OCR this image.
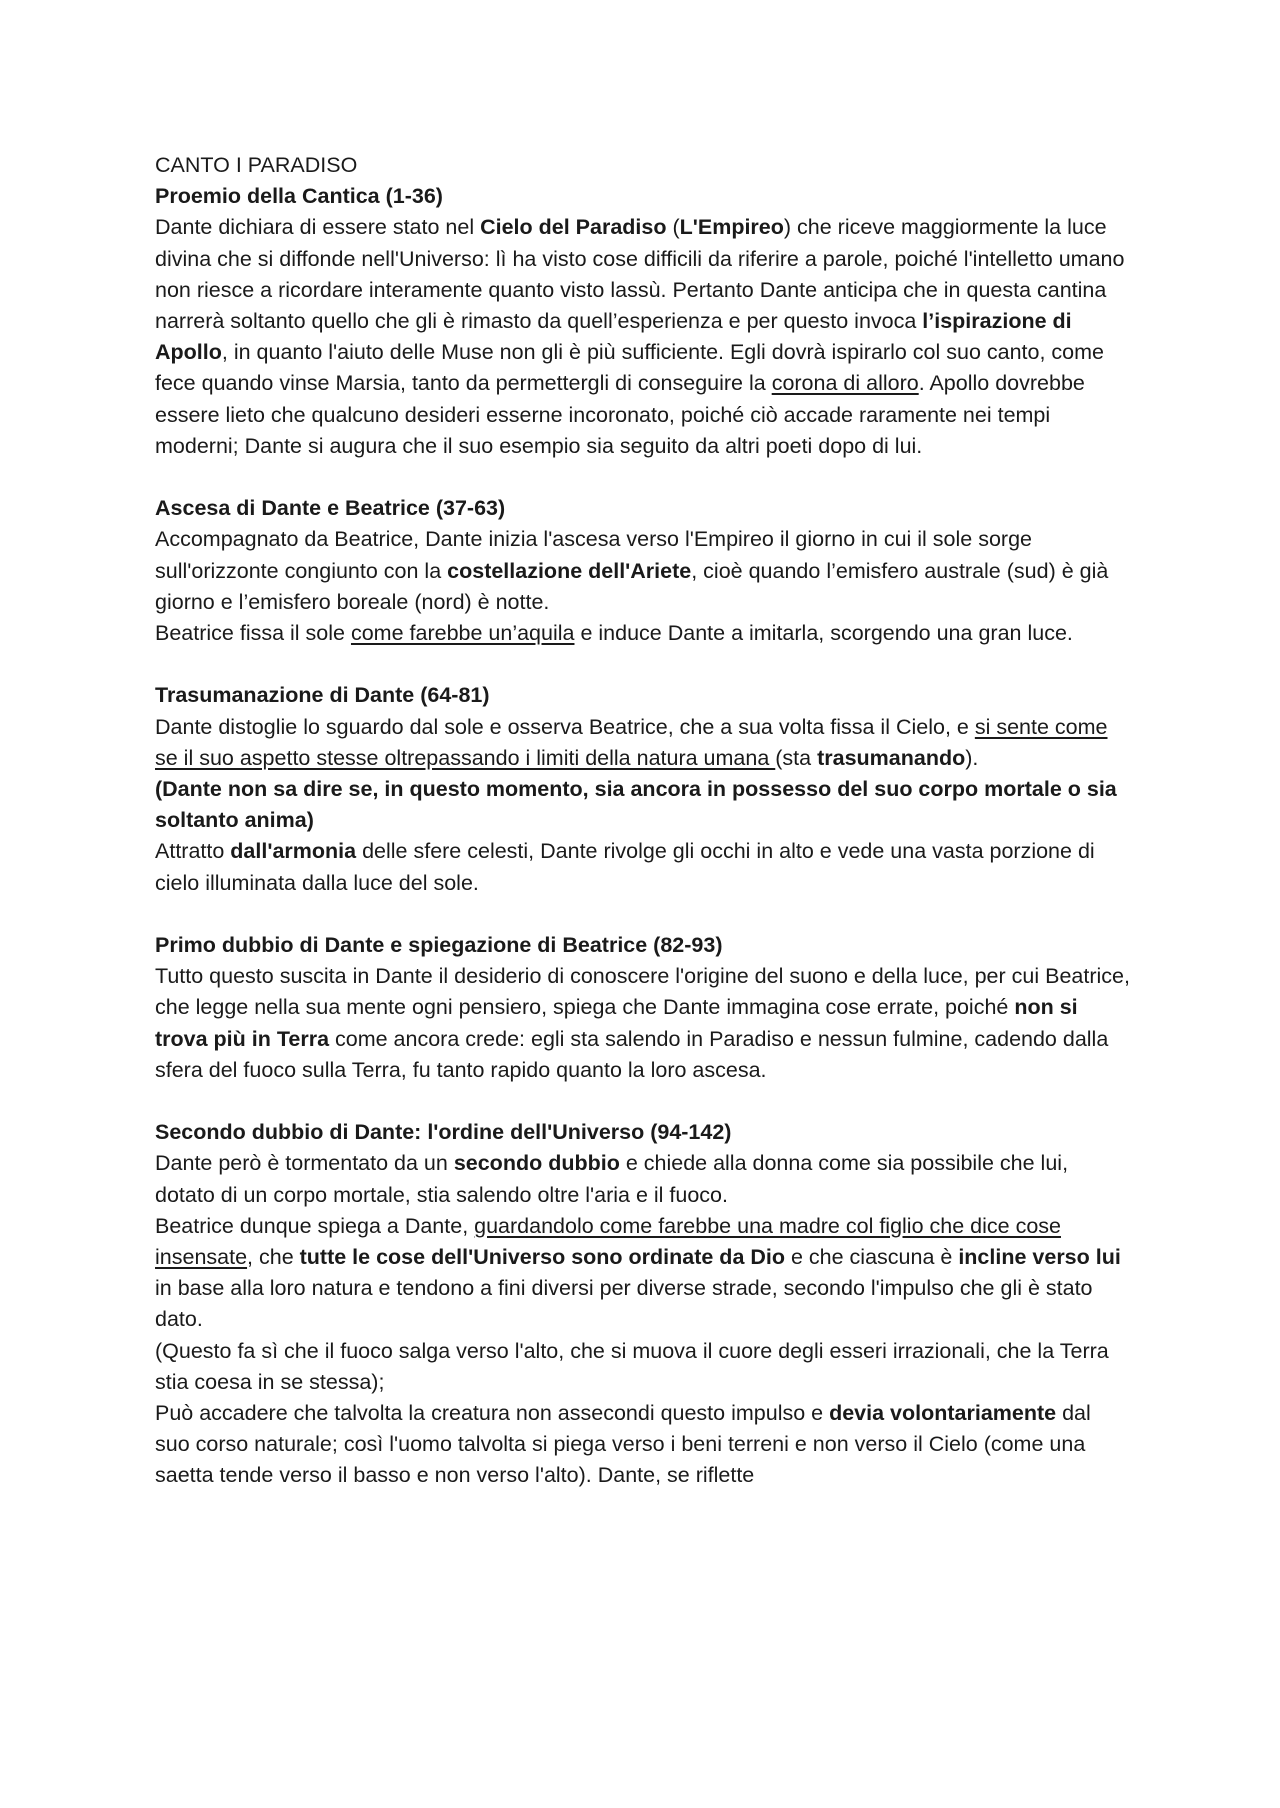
CANTO I PARADISO
Proemio della Cantica (1-36)

Dante dichiara di essere stato nel Cielo del Paradiso (L'Empireo) che riceve maggiormente la luce divina che si diffonde nell'Universo: lì ha visto cose difficili da riferire a parole, poiché l'intelletto umano non riesce a ricordare interamente quanto visto lassù. Pertanto Dante anticipa che in questa cantina narrerà soltanto quello che gli è rimasto da quell’esperienza e per questo invoca l’ispirazione di Apollo, in quanto l'aiuto delle Muse non gli è più sufficiente. Egli dovrà ispirarlo col suo canto, come fece quando vinse Marsia, tanto da permettergli di conseguire la corona di alloro. Apollo dovrebbe essere lieto che qualcuno desideri esserne incoronato, poiché ciò accade raramente nei tempi moderni; Dante si augura che il suo esempio sia seguito da altri poeti dopo di lui.

Ascesa di Dante e Beatrice (37-63)

Accompagnato da Beatrice, Dante inizia l'ascesa verso l'Empireo il giorno in cui il sole sorge sull'orizzonte congiunto con la costellazione dell'Ariete, cioè quando l’emisfero australe (sud) è già giorno e l’emisfero boreale (nord) è notte.

Beatrice fissa il sole come farebbe un’aquila e induce Dante a imitarla, scorgendo una gran luce.

Trasumanazione di Dante (64-81)

Dante distoglie lo sguardo dal sole e osserva Beatrice, che a sua volta fissa il Cielo, e si sente come se il suo aspetto stesse oltrepassando i limiti della natura umana (sta trasumanando).

(Dante non sa dire se, in questo momento, sia ancora in possesso del suo corpo mortale o sia soltanto anima)

Attratto dall'armonia delle sfere celesti, Dante rivolge gli occhi in alto e vede una vasta porzione di cielo illuminata dalla luce del sole.

Primo dubbio di Dante e spiegazione di Beatrice (82-93)

Tutto questo suscita in Dante il desiderio di conoscere l'origine del suono e della luce, per cui Beatrice, che legge nella sua mente ogni pensiero, spiega che Dante immagina cose errate, poiché non si trova più in Terra come ancora crede: egli sta salendo in Paradiso e nessun fulmine, cadendo dalla sfera del fuoco sulla Terra, fu tanto rapido quanto la loro ascesa.

Secondo dubbio di Dante: l'ordine dell'Universo (94-142)

Dante però è tormentato da un secondo dubbio e chiede alla donna come sia possibile che lui, dotato di un corpo mortale, stia salendo oltre l'aria e il fuoco.

Beatrice dunque spiega a Dante, guardandolo come farebbe una madre col figlio che dice cose insensate, che tutte le cose dell'Universo sono ordinate da Dio e che ciascuna è incline verso lui in base alla loro natura e tendono a fini diversi per diverse strade, secondo l'impulso che gli è stato dato.

(Questo fa sì che il fuoco salga verso l'alto, che si muova il cuore degli esseri irrazionali, che la Terra stia coesa in se stessa);

Può accadere che talvolta la creatura non assecondi questo impulso e devia volontariamente dal suo corso naturale; così l'uomo talvolta si piega verso i beni terreni e non verso il Cielo (come una saetta tende verso il basso e non verso l'alto). Dante, se riflette
